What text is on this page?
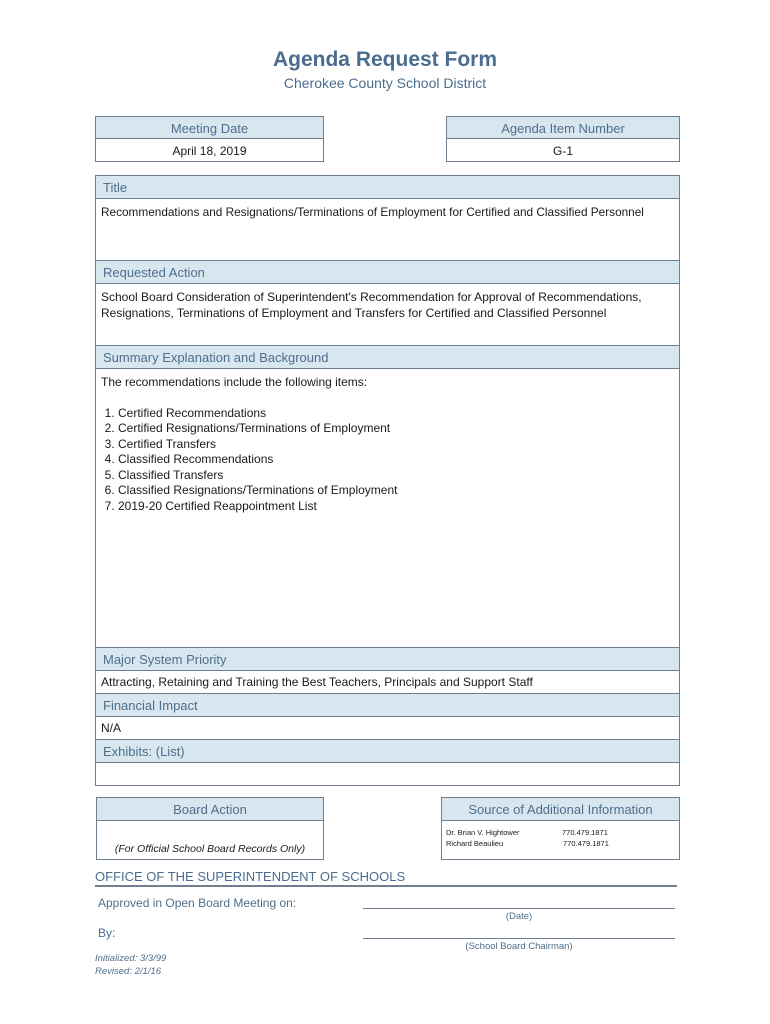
Agenda Request Form
Cherokee County School District
Meeting Date
April 18, 2019
Agenda Item Number
G-1
Title
Recommendations and Resignations/Terminations of Employment for Certified and Classified Personnel
Requested Action
School Board Consideration of Superintendent's Recommendation for Approval of Recommendations,
Resignations, Terminations of Employment and Transfers for Certified and Classified Personnel
Summary Explanation and Background
The recommendations include the following items:
1. Certified Recommendations
2. Certified Resignations/Terminations of Employment
3. Certified Transfers
4. Classified Recommendations
5. Classified Transfers
6. Classified Resignations/Terminations of Employment
7. 2019-20 Certified Reappointment List
Major System Priority
Attracting, Retaining and Training the Best Teachers, Principals and Support Staff
Financial Impact
N/A
Exhibits: (List)
Board Action
(For Official School Board Records Only)
Source of Additional Information
Dr. Brian V. Hightower	770.479.1871
Richard Beaulieu	770.479.1871
OFFICE OF THE SUPERINTENDENT OF SCHOOLS
Approved in Open Board Meeting on:
(Date)
By:
(School Board Chairman)
Initialized: 3/3/99
Revised: 2/1/16
